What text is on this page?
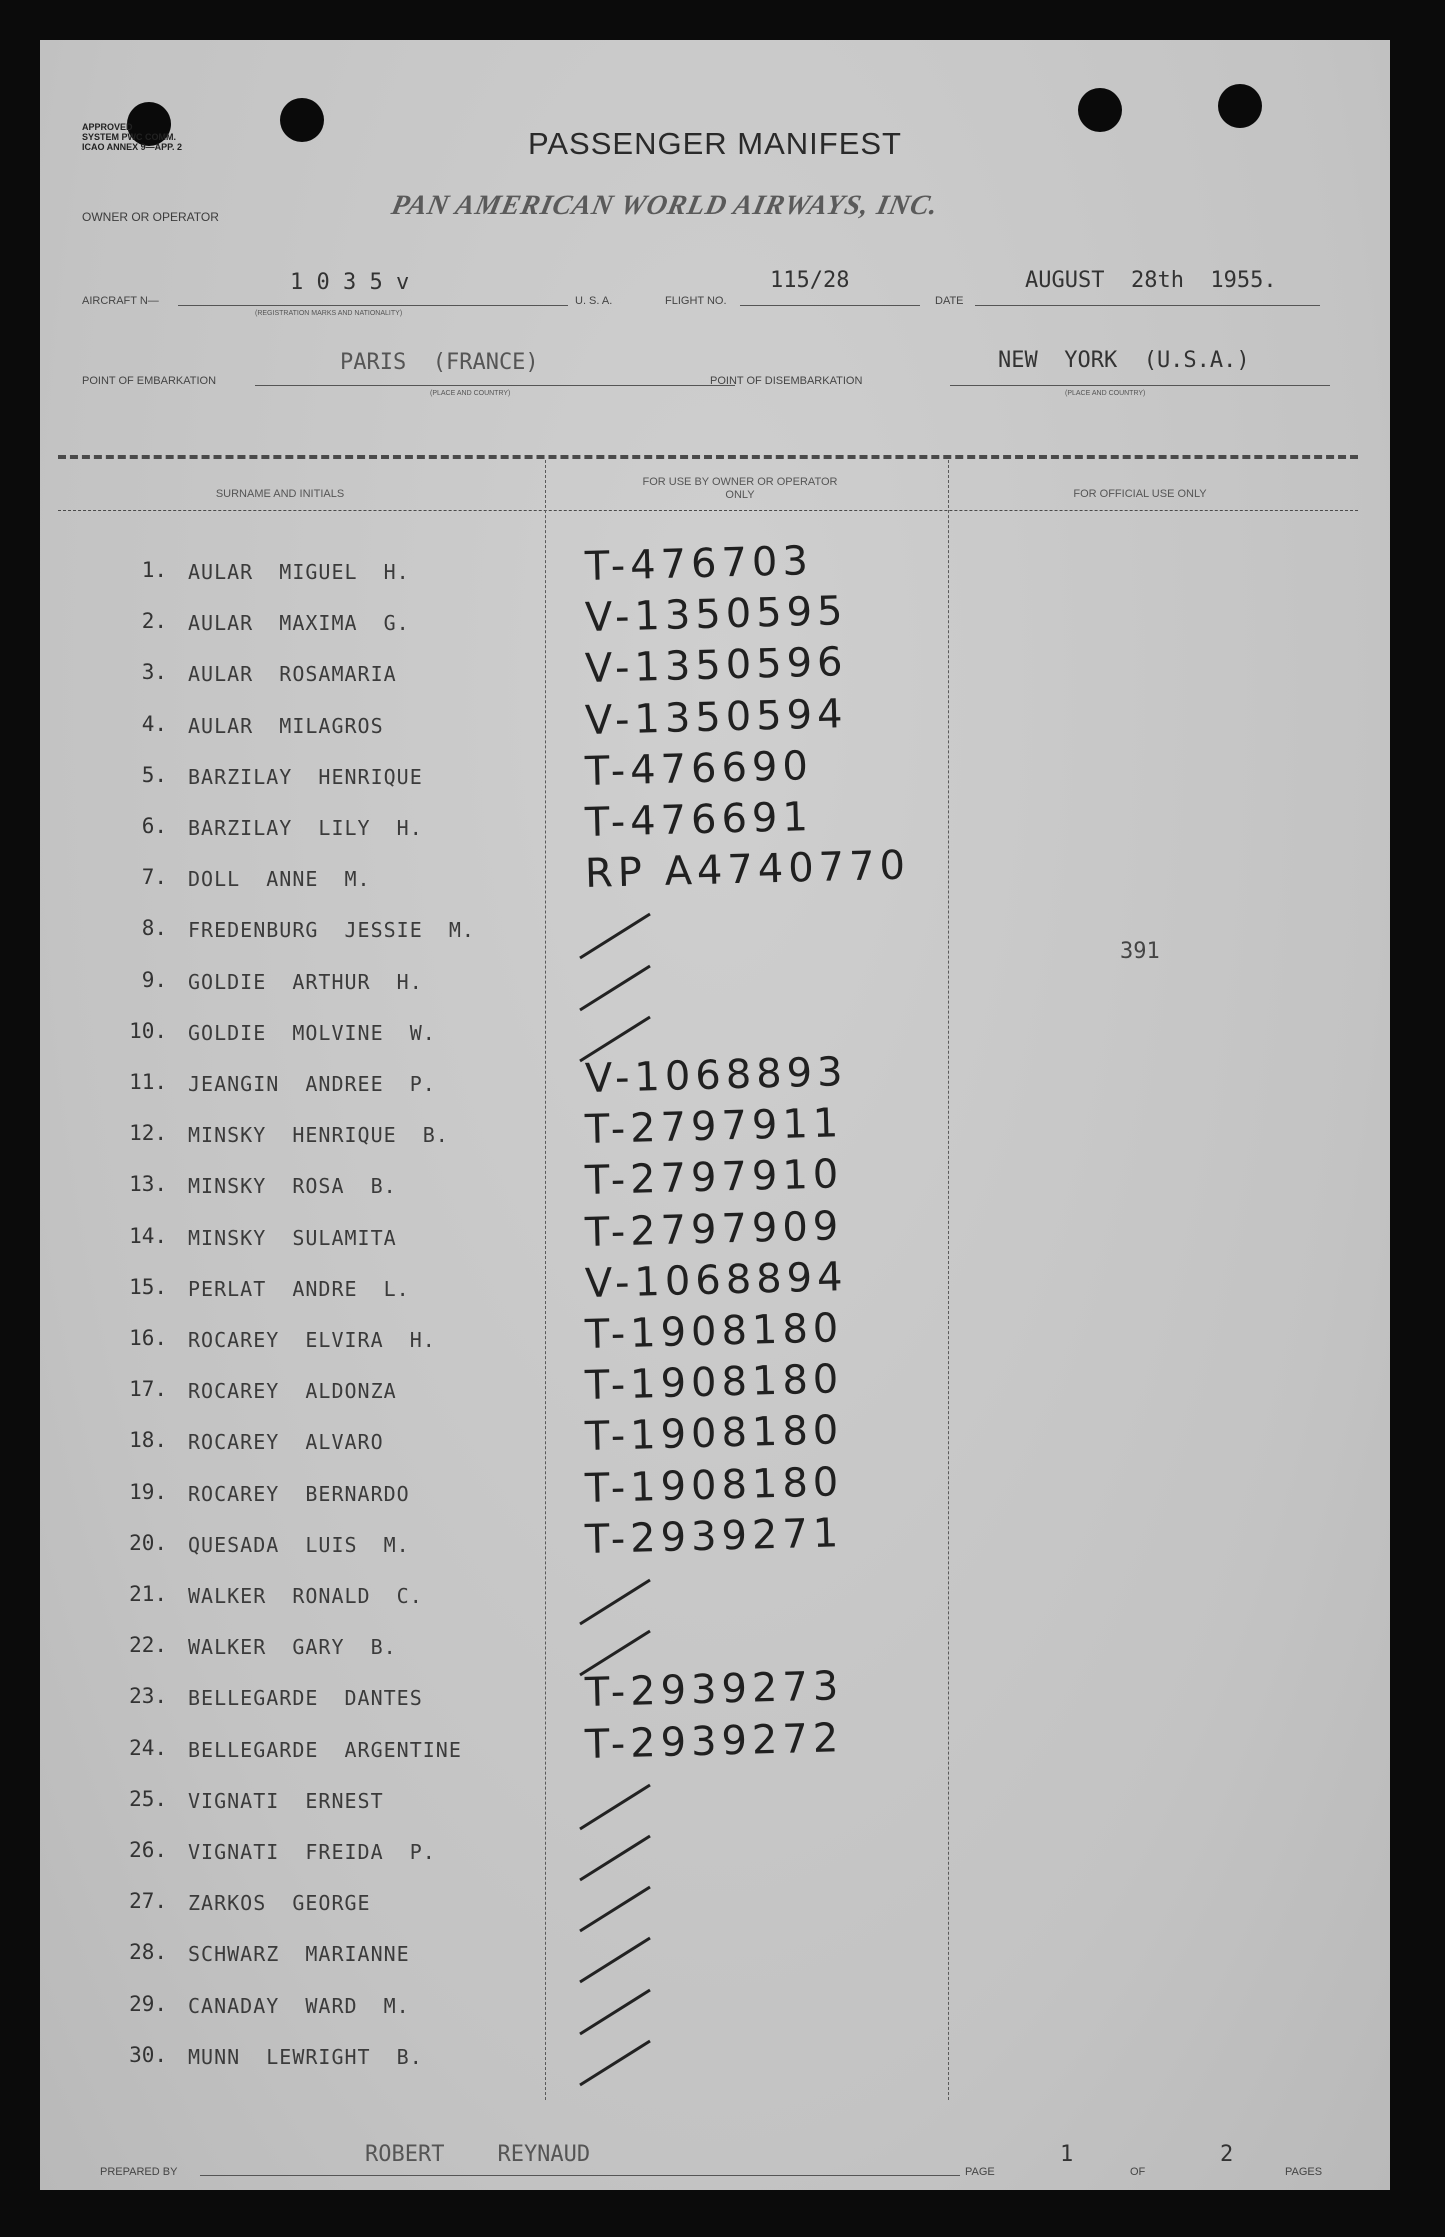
APPROVED
SYSTEM PWC COMM.
ICAO ANNEX 9—APP. 2	PASSENGER MANIFEST
OWNER OR OPERATOR	PAN AMERICAN WORLD AIRWAYS, INC.
AIRCRAFT N—
1 0 3 5 v
(REGISTRATION MARKS AND NATIONALITY)
U. S. A.	FLIGHT NO.
115/28
DATE
AUGUST  28th  1955.
POINT OF EMBARKATION
PARIS  (FRANCE)
(PLACE AND COUNTRY)
POINT OF DISEMBARKATION
NEW  YORK  (U.S.A.)
(PLACE AND COUNTRY)
SURNAME AND INITIALS
FOR USE BY OWNER OR OPERATOR ONLY	FOR OFFICIAL USE ONLY
1. AULAR  MIGUEL  H.	T-476703
2. AULAR  MAXIMA  G.	V-1350595
3. AULAR  ROSAMARIA	V-1350596
4. AULAR  MILAGROS	V-1350594
5. BARZILAY  HENRIQUE	T-476690
6. BARZILAY  LILY  H.	T-476691
7. DOLL  ANNE  M.	RP A4740770
8. FREDENBURG  JESSIE  M.
9. GOLDIE  ARTHUR  H.
10. GOLDIE  MOLVINE  W.
11. JEANGIN  ANDREE  P.	V-1068893
12. MINSKY  HENRIQUE  B.	T-2797911
13. MINSKY  ROSA  B.	T-2797910
14. MINSKY  SULAMITA	T-2797909
15. PERLAT  ANDRE  L.	V-1068894
16. ROCAREY  ELVIRA  H.	T-1908180
17. ROCAREY  ALDONZA	T-1908180
18. ROCAREY  ALVARO	T-1908180
19. ROCAREY  BERNARDO	T-1908180
20. QUESADA  LUIS  M.	T-2939271
21. WALKER  RONALD  C.
22. WALKER  GARY  B.
23. BELLEGARDE  DANTES	T-2939273
24. BELLEGARDE  ARGENTINE	T-2939272
25. VIGNATI  ERNEST
26. VIGNATI  FREIDA  P.
27. ZARKOS  GEORGE
28. SCHWARZ  MARIANNE
29. CANADAY  WARD  M.
30. MUNN  LEWRIGHT  B.
391
PREPARED BY
ROBERT    REYNAUD
PAGE
1
OF
2
PAGES
